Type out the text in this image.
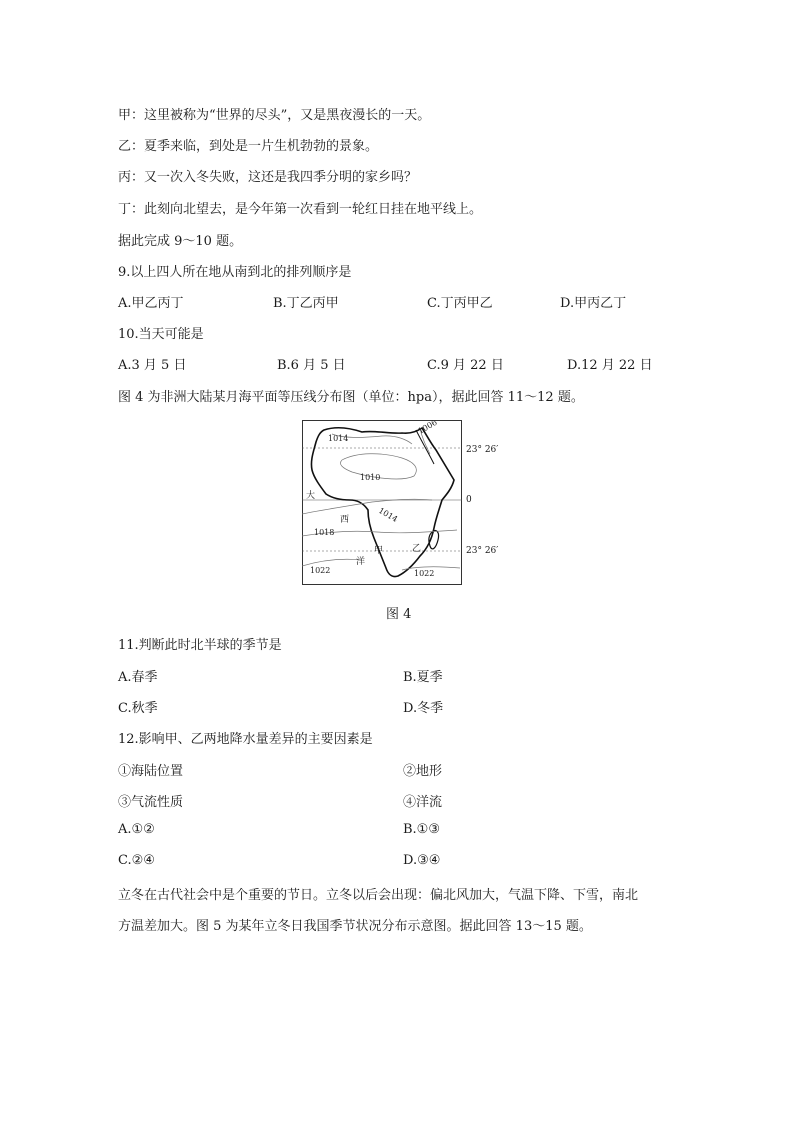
甲：这里被称为“世界的尽头”，又是黑夜漫长的一天。
乙：夏季来临，到处是一片生机勃勃的景象。
丙：又一次入冬失败，这还是我四季分明的家乡吗？
丁：此刻向北望去，是今年第一次看到一轮红日挂在地平线上。
据此完成 9～10 题。
9.以上四人所在地从南到北的排列顺序是
A.甲乙丙丁	B.丁乙丙甲	C.丁丙甲乙	D.甲丙乙丁
10.当天可能是
A.3 月 5 日	B.6 月 5 日	C.9 月 22 日	D.12 月 22 日
图 4 为非洲大陆某月海平面等压线分布图（单位：hpa），据此回答 11～12 题。
1014
1006
1010
1014
1018
1022	1022
大
西
洋
甲	乙
23° 26′
0
23° 26′
图 4
11.判断此时北半球的季节是
A.春季	B.夏季
C.秋季	D.冬季
12.影响甲、乙两地降水量差异的主要因素是
①海陆位置	②地形
③气流性质	④洋流
A.①②	B.①③
C.②④	D.③④
立冬在古代社会中是个重要的节日。立冬以后会出现：偏北风加大，气温下降、下雪，南北
方温差加大。图 5 为某年立冬日我国季节状况分布示意图。据此回答 13～15 题。
